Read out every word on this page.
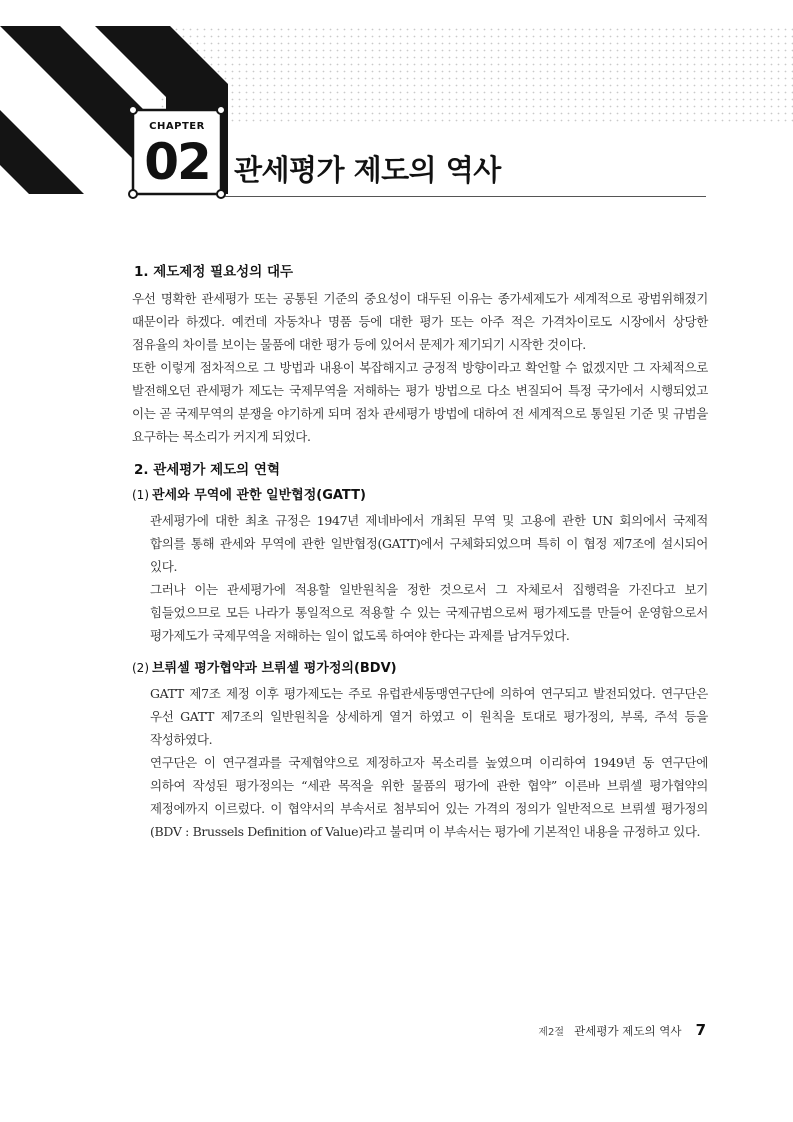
CHAPTER
02 관세평가 제도의 역사
1. 제도제정 필요성의 대두

우선 명확한 관세평가 또는 공통된 기준의 중요성이 대두된 이유는 종가세제도가 세계적으로 광범위해졌기 때문이라 하겠다. 예컨데 자동차나 명품 등에 대한 평가 또는 아주 적은 가격차이로도 시장에서 상당한 점유율의 차이를 보이는 물품에 대한 평가 등에 있어서 문제가 제기되기 시작한 것이다.

또한 이렇게 점차적으로 그 방법과 내용이 복잡해지고 긍정적 방향이라고 확언할 수 없겠지만 그 자체적으로 발전해오던 관세평가 제도는 국제무역을 저해하는 평가 방법으로 다소 변질되어 특정 국가에서 시행되었고 이는 곧 국제무역의 분쟁을 야기하게 되며 점차 관세평가 방법에 대하여 전 세계적으로 통일된 기준 및 규범을 요구하는 목소리가 커지게 되었다.

2. 관세평가 제도의 연혁
(1) 관세와 무역에 관한 일반협정(GATT)

관세평가에 대한 최초 규정은 1947년 제네바에서 개최된 무역 및 고용에 관한 UN 회의에서 국제적 합의를 통해 관세와 무역에 관한 일반협정(GATT)에서 구체화되었으며 특히 이 협정 제7조에 설시되어 있다.

그러나 이는 관세평가에 적용할 일반원칙을 정한 것으로서 그 자체로서 집행력을 가진다고 보기 힘들었으므로 모든 나라가 통일적으로 적용할 수 있는 국제규범으로써 평가제도를 만들어 운영함으로서 평가제도가 국제무역을 저해하는 일이 없도록 하여야 한다는 과제를 남겨두었다.

(2) 브뤼셀 평가협약과 브뤼셀 평가정의(BDV)

GATT 제7조 제정 이후 평가제도는 주로 유럽관세동맹연구단에 의하여 연구되고 발전되었다. 연구단은 우선 GATT 제7조의 일반원칙을 상세하게 열거 하였고 이 원칙을 토대로 평가정의, 부록, 주석 등을 작성하였다.

연구단은 이 연구결과를 국제협약으로 제정하고자 목소리를 높였으며 이리하여 1949년 동 연구단에 의하여 작성된 평가정의는 “세관 목적을 위한 물품의 평가에 관한 협약” 이른바 브뤼셀 평가협약의 제정에까지 이르렀다. 이 협약서의 부속서로 첨부되어 있는 가격의 정의가 일반적으로 브뤼셀 평가정의(BDV : Brussels Definition of Value)라고 불리며 이 부속서는 평가에 기본적인 내용을 규정하고 있다.

제2절 관세평가 제도의 역사 7
